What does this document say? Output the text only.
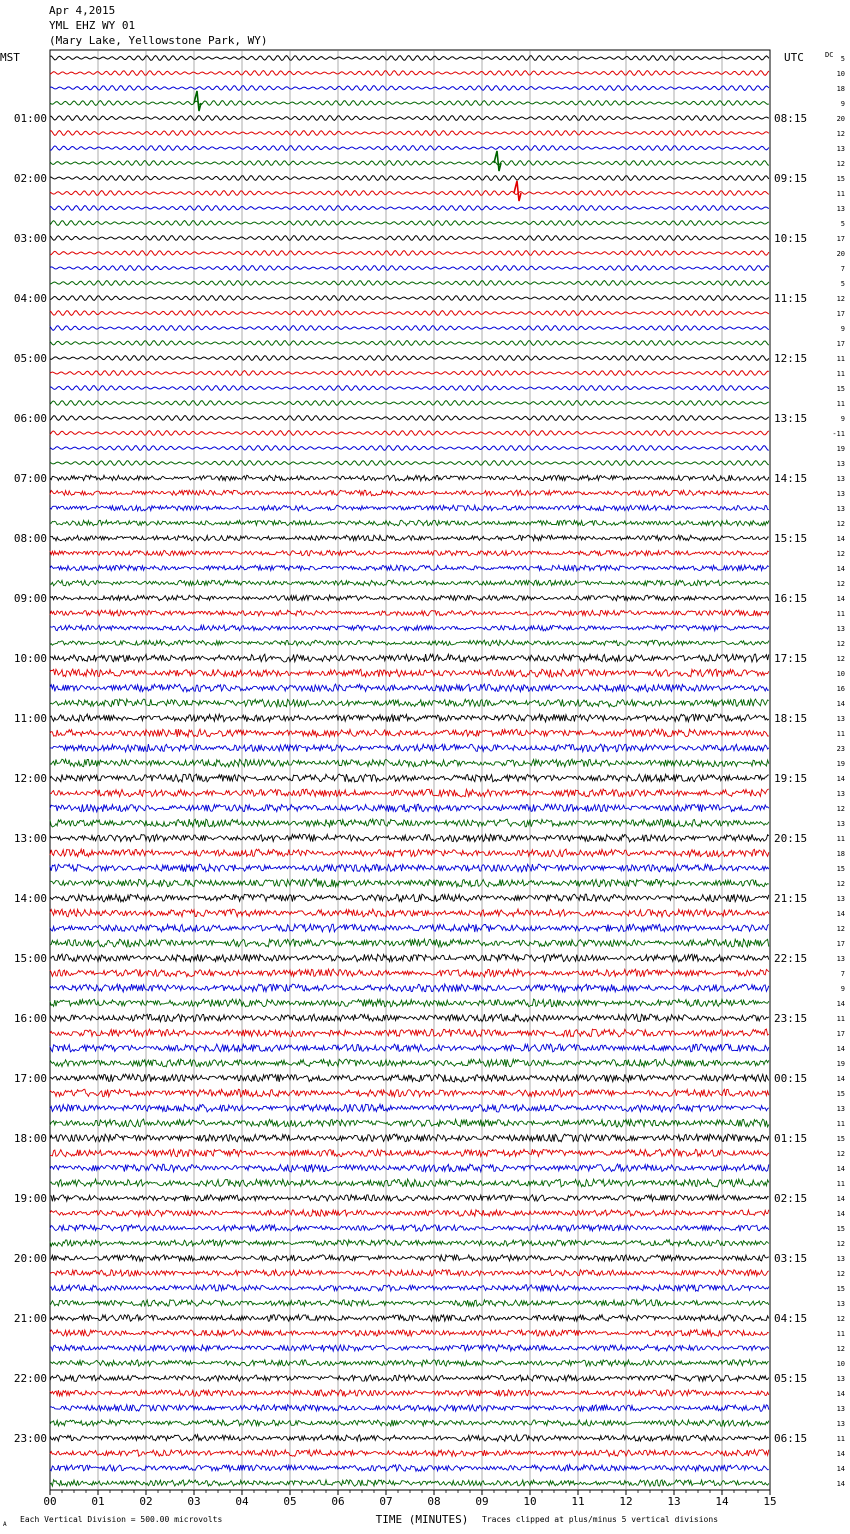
Apr 4,2015
YML EHZ WY 01
(Mary Lake, Yellowstone Park, WY)
01:00
02:00
03:00
04:00
05:00
06:00
07:00
08:00
09:00
10:00
11:00
12:00
13:00
14:00
15:00
16:00
17:00
18:00
19:00
20:00
21:00
22:00
23:00
08:15
09:15
10:15
11:15
12:15
13:15
14:15
15:15
16:15
17:15
18:15
19:15
20:15
21:15
22:15
23:15
00:15
01:15
02:15
03:15
04:15
05:15
06:15
5
10
18
9
20
12
13
12
15
11
13
5
17
20
7
5
12
17
9
17
11
11
15
11
9
-11
19
13
13
13
13
12
14
12
14
12
14
11
13
12
12
10
16
14
13
11
23
19
14
13
12
13
11
18
15
12
13
14
12
17
13
7
9
14
11
17
14
19
14
15
13
11
15
12
14
11
14
14
15
12
13
12
15
13
12
11
12
10
13
14
13
13
11
14
14
14
00	01	02	03	04	05	06	07	08	09	10	11	12	13	14	15
MST	UTC	DC
TIME (MINUTES)
A
Each Vertical Division = 500.00 microvolts	Traces clipped at plus/minus 5 vertical divisions
